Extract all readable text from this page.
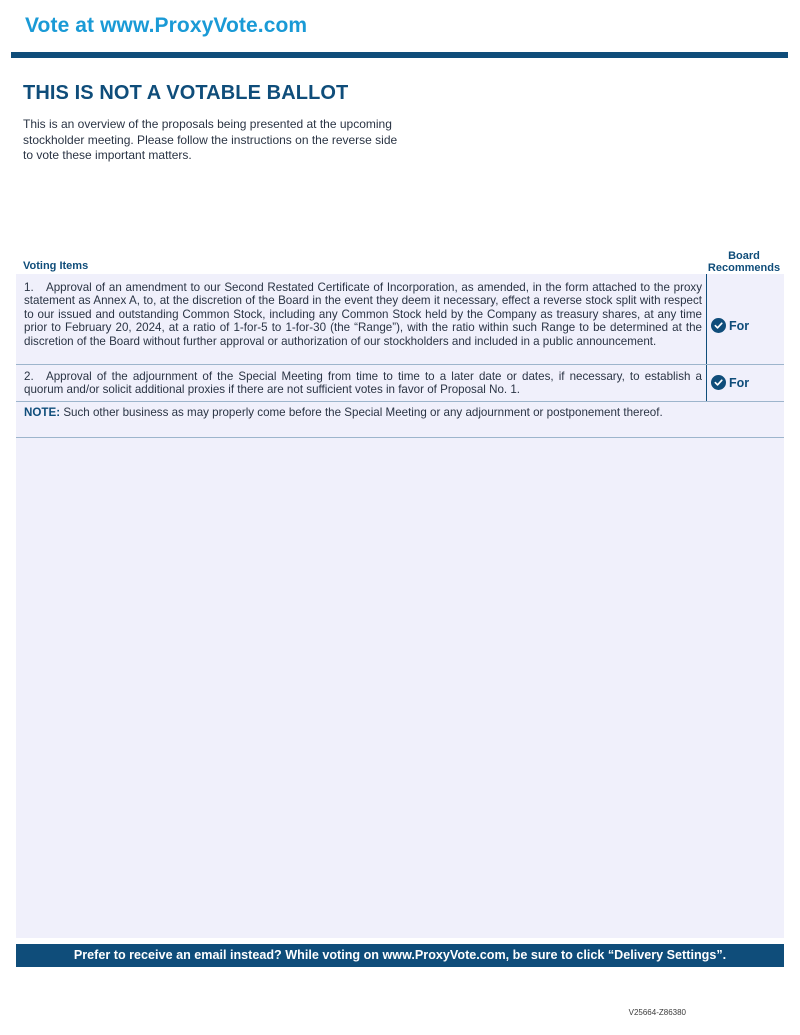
Vote at www.ProxyVote.com
THIS IS NOT A VOTABLE BALLOT
This is an overview of the proposals being presented at the upcoming stockholder meeting. Please follow the instructions on the reverse side to vote these important matters.
Voting Items
Board Recommends
1. Approval of an amendment to our Second Restated Certificate of Incorporation, as amended, in the form attached to the proxy statement as Annex A, to, at the discretion of the Board in the event they deem it necessary, effect a reverse stock split with respect to our issued and outstanding Common Stock, including any Common Stock held by the Company as treasury shares, at any time prior to February 20, 2024, at a ratio of 1-for-5 to 1-for-30 (the “Range”), with the ratio within such Range to be determined at the discretion of the Board without further approval or authorization of our stockholders and included in a public announcement.
For
2. Approval of the adjournment of the Special Meeting from time to time to a later date or dates, if necessary, to establish a quorum and/or solicit additional proxies if there are not sufficient votes in favor of Proposal No. 1.
For
NOTE: Such other business as may properly come before the Special Meeting or any adjournment or postponement thereof.
Prefer to receive an email instead? While voting on www.ProxyVote.com, be sure to click “Delivery Settings”.
V25664-Z86380
